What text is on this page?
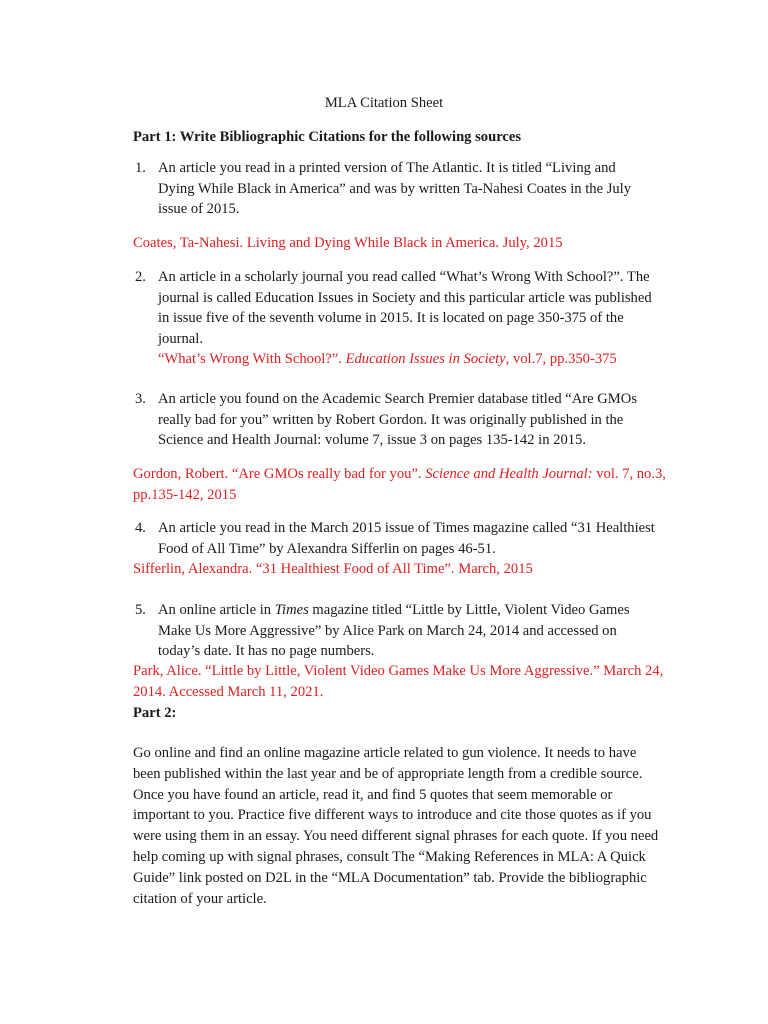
MLA Citation Sheet
Part 1: Write Bibliographic Citations for the following sources
1. An article you read in a printed version of The Atlantic. It is titled “Living and Dying While Black in America” and was by written Ta-Nahesi Coates in the July issue of 2015.
Coates, Ta-Nahesi. Living and Dying While Black in America. July, 2015
2. An article in a scholarly journal you read called “What’s Wrong With School?”. The journal is called Education Issues in Society and this particular article was published in issue five of the seventh volume in 2015. It is located on page 350-375 of the journal.
“What’s Wrong With School?”. Education Issues in Society, vol.7, pp.350-375
3. An article you found on the Academic Search Premier database titled “Are GMOs really bad for you” written by Robert Gordon. It was originally published in the Science and Health Journal: volume 7, issue 3 on pages 135-142 in 2015.
Gordon, Robert. “Are GMOs really bad for you”. Science and Health Journal: vol. 7, no.3, pp.135-142, 2015
4. An article you read in the March 2015 issue of Times magazine called “31 Healthiest Food of All Time” by Alexandra Sifferlin on pages 46-51.
Sifferlin, Alexandra. “31 Healthiest Food of All Time”. March, 2015
5. An online article in Times magazine titled “Little by Little, Violent Video Games Make Us More Aggressive” by Alice Park on March 24, 2014 and accessed on today’s date. It has no page numbers.
Park, Alice. “Little by Little, Violent Video Games Make Us More Aggressive.” March 24, 2014. Accessed March 11, 2021.
Part 2:
Go online and find an online magazine article related to gun violence. It needs to have been published within the last year and be of appropriate length from a credible source. Once you have found an article, read it, and find 5 quotes that seem memorable or important to you. Practice five different ways to introduce and cite those quotes as if you were using them in an essay. You need different signal phrases for each quote. If you need help coming up with signal phrases, consult The “Making References in MLA: A Quick Guide” link posted on D2L in the “MLA Documentation” tab. Provide the bibliographic citation of your article.
